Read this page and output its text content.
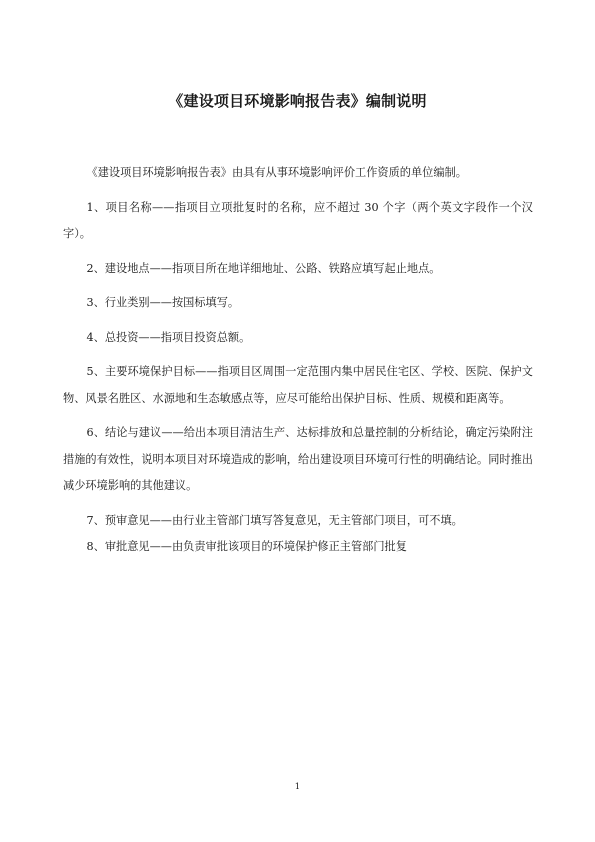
《建设项目环境影响报告表》编制说明

《建设项目环境影响报告表》由具有从事环境影响评价工作资质的单位编制。

1、项目名称——指项目立项批复时的名称，应不超过 30 个字（两个英文字段作一个汉字）。

2、建设地点——指项目所在地详细地址、公路、铁路应填写起止地点。

3、行业类别——按国标填写。

4、总投资——指项目投资总额。

5、主要环境保护目标——指项目区周围一定范围内集中居民住宅区、学校、医院、保护文物、风景名胜区、水源地和生态敏感点等，应尽可能给出保护目标、性质、规模和距离等。

6、结论与建议——给出本项目清洁生产、达标排放和总量控制的分析结论，确定污染附注措施的有效性，说明本项目对环境造成的影响，给出建设项目环境可行性的明确结论。同时推出减少环境影响的其他建议。

7、预审意见——由行业主管部门填写答复意见，无主管部门项目，可不填。

8、审批意见——由负责审批该项目的环境保护修正主管部门批复

1
